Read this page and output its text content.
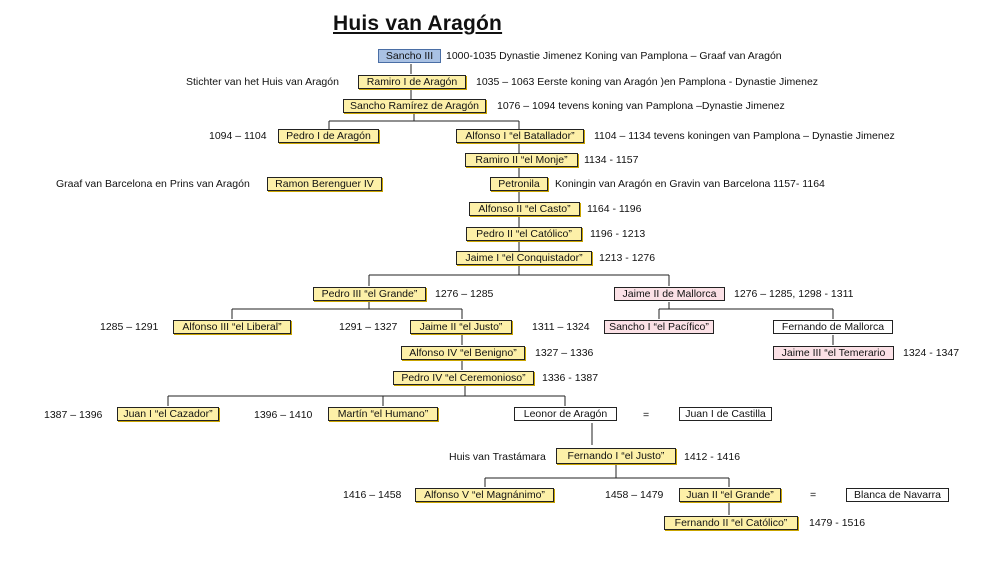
Huis van Aragón
Sancho III	1000-1035 Dynastie Jimenez Koning van Pamplona – Graaf van Aragón
Stichter van het Huis van Aragón	Ramiro I de Aragón	1035 – 1063 Eerste koning van Aragón )en Pamplona - Dynastie Jimenez
Sancho Ramírez de Aragón	1076 – 1094 tevens koning van Pamplona –Dynastie Jimenez
1094 – 1104	Pedro I de Aragón	Alfonso I “el Batallador”	1104 – 1134 tevens koningen van Pamplona – Dynastie Jimenez
Ramiro II “el Monje”	1134 - 1157
Graaf van Barcelona en Prins van Aragón	Ramon Berenguer IV	Petronila	Koningin van Aragón en Gravin van Barcelona 1157- 1164
Alfonso II “el Casto”	1164 - 1196
Pedro II “el Católico”	1196 - 1213
Jaime I “el Conquistador”	1213 - 1276
Pedro III “el Grande”	1276 – 1285	Jaime II de Mallorca	1276 – 1285, 1298 - 1311
1285 – 1291	Alfonso III “el Liberal”	1291 – 1327	Jaime II “el Justo”	1311 – 1324	Sancho I “el Pacífico”	Fernando de Mallorca
Alfonso IV “el Benigno”	1327 – 1336	Jaime III “el Temerario	1324 - 1347
Pedro IV “el Ceremonioso”	1336 - 1387
1387 – 1396	Juan I “el Cazador”	1396 – 1410	Martín “el Humano”	Leonor de Aragón	=	Juan I de Castilla
Huis van Trastámara	Fernando I “el Justo”	1412 - 1416
1416 – 1458	Alfonso V “el Magnánimo”	1458 – 1479	Juan II “el Grande”	=	Blanca de Navarra
Fernando II “el Católico”	1479 - 1516
